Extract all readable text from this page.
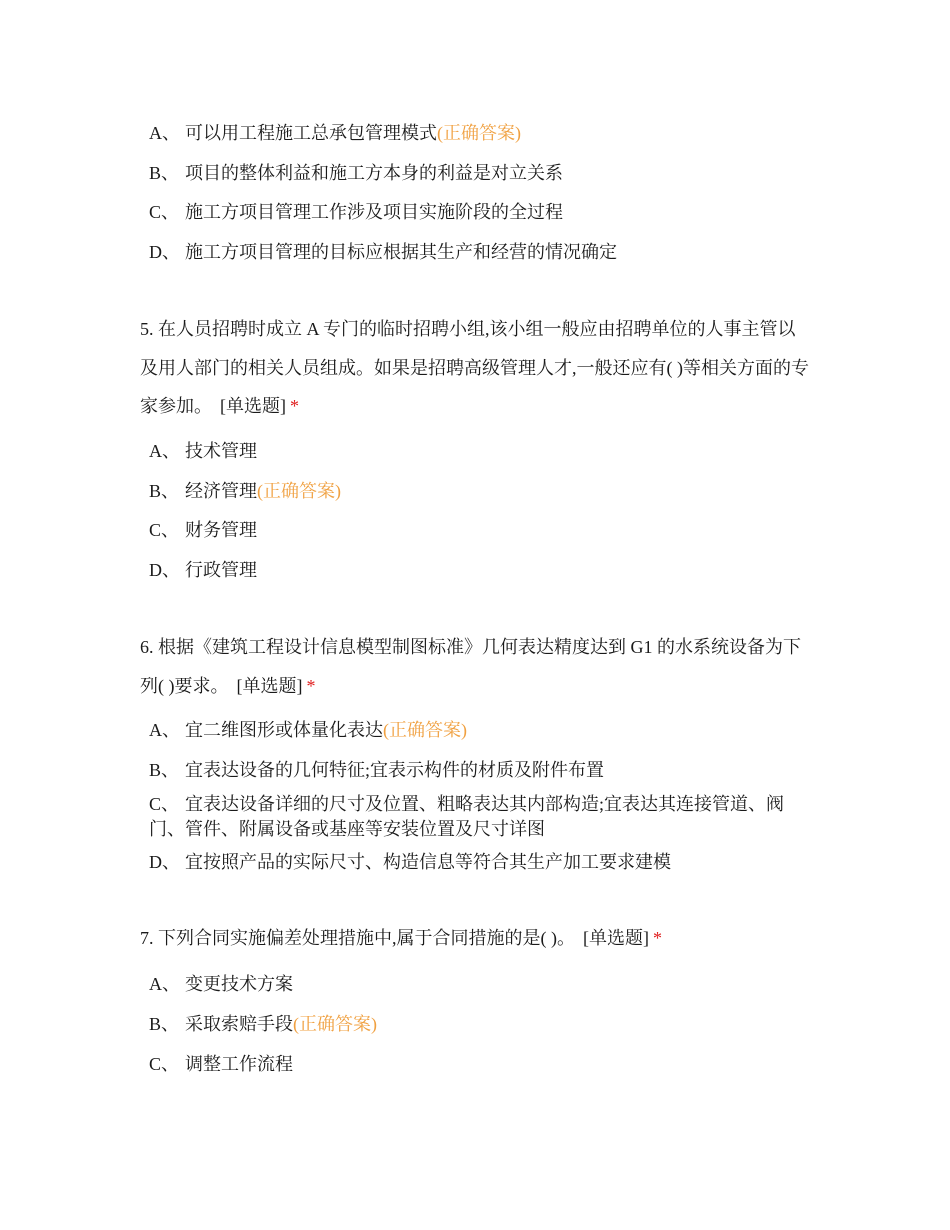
A、 可以用工程施工总承包管理模式(正确答案)
B、 项目的整体利益和施工方本身的利益是对立关系
C、 施工方项目管理工作涉及项目实施阶段的全过程
D、 施工方项目管理的目标应根据其生产和经营的情况确定
5. 在人员招聘时成立 A 专门的临时招聘小组,该小组一般应由招聘单位的人事主管以及用人部门的相关人员组成。如果是招聘高级管理人才,一般还应有( )等相关方面的专家参加。 [单选题] *
A、 技术管理
B、 经济管理(正确答案)
C、 财务管理
D、 行政管理
6. 根据《建筑工程设计信息模型制图标准》几何表达精度达到 G1 的水系统设备为下列( )要求。 [单选题] *
A、 宜二维图形或体量化表达(正确答案)
B、 宜表达设备的几何特征;宜表示构件的材质及附件布置
C、 宜表达设备详细的尺寸及位置、粗略表达其内部构造;宜表达其连接管道、阀门、管件、附属设备或基座等安装位置及尺寸详图
D、 宜按照产品的实际尺寸、构造信息等符合其生产加工要求建模
7. 下列合同实施偏差处理措施中,属于合同措施的是( )。 [单选题] *
A、 变更技术方案
B、 采取索赔手段(正确答案)
C、 调整工作流程
